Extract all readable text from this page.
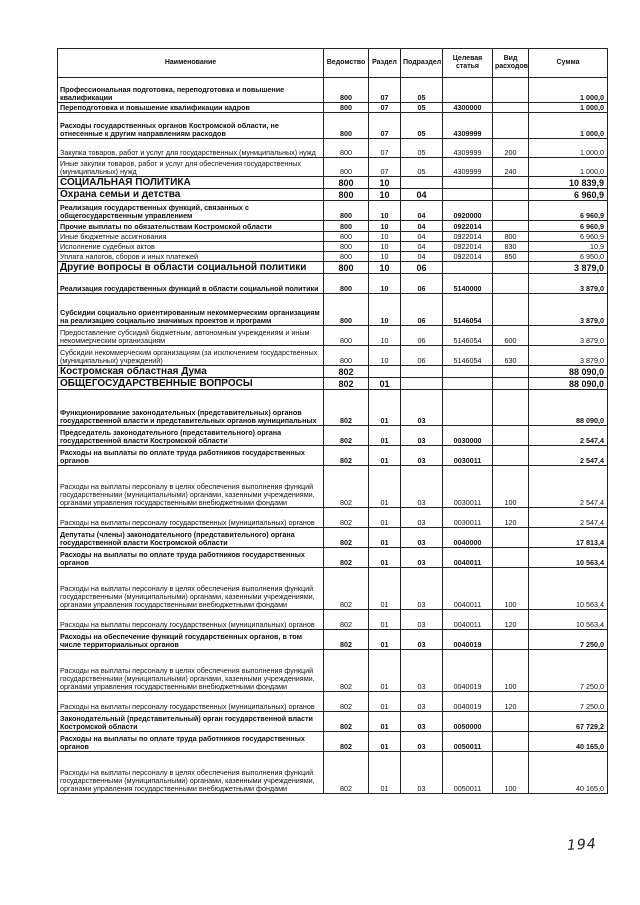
Наименование	Ведомство	Раздел	Подраздел	Целевая статья	Вид расходов	Сумма
Профессиональная подготовка, переподготовка и повышение квалификации	800	07	05			1 000,0
Переподготовка и повышение квалификации кадров	800	07	05	4300000		1 000,0
Расходы государственных органов Костромской области, не отнесенные к другим направлениям расходов	800	07	05	4309999		1 000,0
Закупка товаров, работ и услуг для государственных (муниципальных) нужд	800	07	05	4309999	200	1 000,0
Иные закупки товаров, работ и услуг для обеспечения государственных (муниципальных) нужд	800	07	05	4309999	240	1 000,0
СОЦИАЛЬНАЯ ПОЛИТИКА	800	10				10 839,9
Охрана семьи и детства	800	10	04			6 960,9
Реализация государственных функций, связанных с общегосударственным управлением	800	10	04	0920000		6 960,9
Прочие выплаты по обязательствам Костромской области	800	10	04	0922014		6 960,9
Иные бюджетные ассигнования	800	10	04	0922014	800	6 960,9
Исполнение судебных актов	800	10	04	0922014	830	10,9
Уплата налогов, сборов и иных платежей	800	10	04	0922014	850	6 950,0
Другие вопросы в области социальной политики	800	10	06			3 879,0
Реализация государственных функций в области социальной политики	800	10	06	5140000		3 879,0
Субсидии социально ориентированным некоммерческим организациям на реализацию социально значимых проектов и программ	800	10	06	5146054		3 879,0
Предоставление субсидий бюджетным, автономным учреждениям и иным некоммерческим организациям	800	10	06	5146054	600	3 879,0
Субсидии некоммерческим организациям (за исключением государственных (муниципальных) учреждений)	800	10	06	5146054	630	3 879,0
Костромская областная Дума	802					88 090,0
ОБЩЕГОСУДАРСТВЕННЫЕ ВОПРОСЫ	802	01				88 090,0
Функционирование законодательных (представительных) органов государственной власти и представительных органов муниципальных	802	01	03			88 090,0
Председатель законодательного (представительного) органа государственной власти Костромской области	802	01	03	0030000		2 547,4
Расходы на выплаты по оплате труда работников государственных органов	802	01	03	0030011		2 547,4
Расходы на выплаты персоналу в целях обеспечения выполнения функций государственными (муниципальными) органами, казенными учреждениями, органами управления государственными внебюджетными фондами	802	01	03	0030011	100	2 547,4
Расходы на выплаты персоналу государственных (муниципальных) органов	802	01	03	0030011	120	2 547,4
Депутаты (члены) законодательного (представительного) органа государственной власти Костромской области	802	01	03	0040000		17 813,4
Расходы на выплаты по оплате труда работников государственных органов	802	01	03	0040011		10 563,4
Расходы на выплаты персоналу в целях обеспечения выполнения функций государственными (муниципальными) органами, казенными учреждениями, органами управления государственными внебюджетными фондами	802	01	03	0040011	100	10 563,4
Расходы на выплаты персоналу государственных (муниципальных) органов	802	01	03	0040011	120	10 563,4
Расходы на обеспечение функций государственных органов, в том числе территориальных органов	802	01	03	0040019		7 250,0
Расходы на выплаты персоналу в целях обеспечения выполнения функций государственными (муниципальными) органами, казенными учреждениями, органами управления государственными внебюджетными фондами	802	01	03	0040019	100	7 250,0
Расходы на выплаты персоналу государственных (муниципальных) органов	802	01	03	0040019	120	7 250,0
Законодательный (представительный) орган государственной власти Костромской области	802	01	03	0050000		67 729,2
Расходы на выплаты по оплате труда работников государственных органов	802	01	03	0050011		40 165,0
Расходы на выплаты персоналу в целях обеспечения выполнения функций государственными (муниципальными) органами, казенными учреждениями, органами управления государственными внебюджетными фондами	802	01	03	0050011	100	40 165,0
194
